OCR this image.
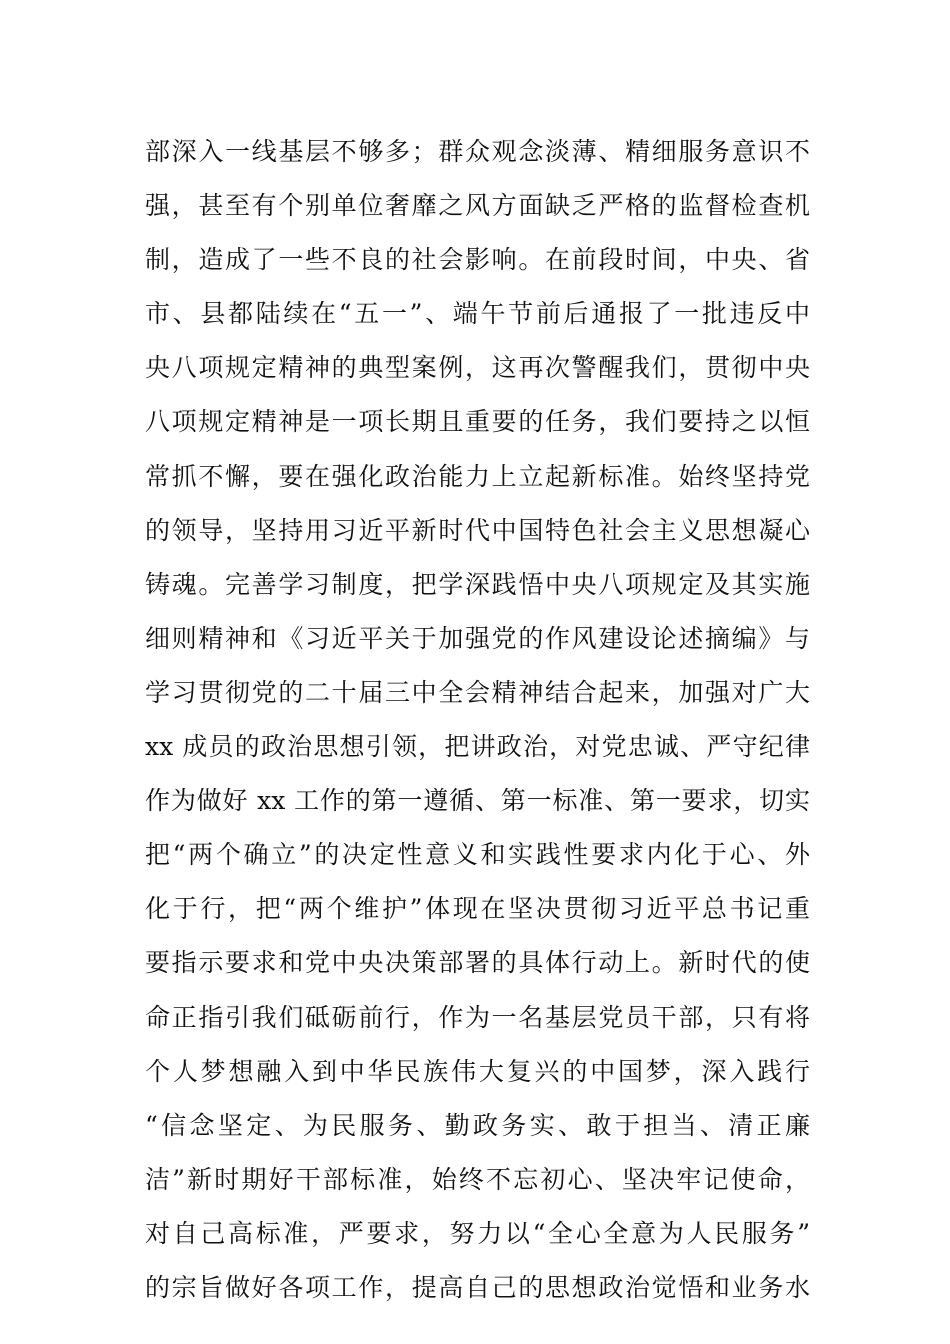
部深入一线基层不够多；群众观念淡薄、精细服务意识不
强，甚至有个别单位奢靡之风方面缺乏严格的监督检查机
制，造成了一些不良的社会影响。在前段时间，中央、省
市、县都陆续在“五一”、端午节前后通报了一批违反中
央八项规定精神的典型案例，这再次警醒我们，贯彻中央
八项规定精神是一项长期且重要的任务，我们要持之以恒
常抓不懈，要在强化政治能力上立起新标准。始终坚持党
的领导，坚持用习近平新时代中国特色社会主义思想凝心
铸魂。完善学习制度，把学深践悟中央八项规定及其实施
细则精神和《习近平关于加强党的作风建设论述摘编》与
学习贯彻党的二十届三中全会精神结合起来，加强对广大
xx 成员的政治思想引领，把讲政治，对党忠诚、严守纪律
作为做好 xx 工作的第一遵循、第一标准、第一要求，切实
把“两个确立”的决定性意义和实践性要求内化于心、外
化于行，把“两个维护”体现在坚决贯彻习近平总书记重
要指示要求和党中央决策部署的具体行动上。新时代的使
命正指引我们砥砺前行，作为一名基层党员干部，只有将
个人梦想融入到中华民族伟大复兴的中国梦，深入践行
“信念坚定、为民服务、勤政务实、敢于担当、清正廉
洁”新时期好干部标准，始终不忘初心、坚决牢记使命，
对自己高标准，严要求，努力以“全心全意为人民服务”
的宗旨做好各项工作，提高自己的思想政治觉悟和业务水
